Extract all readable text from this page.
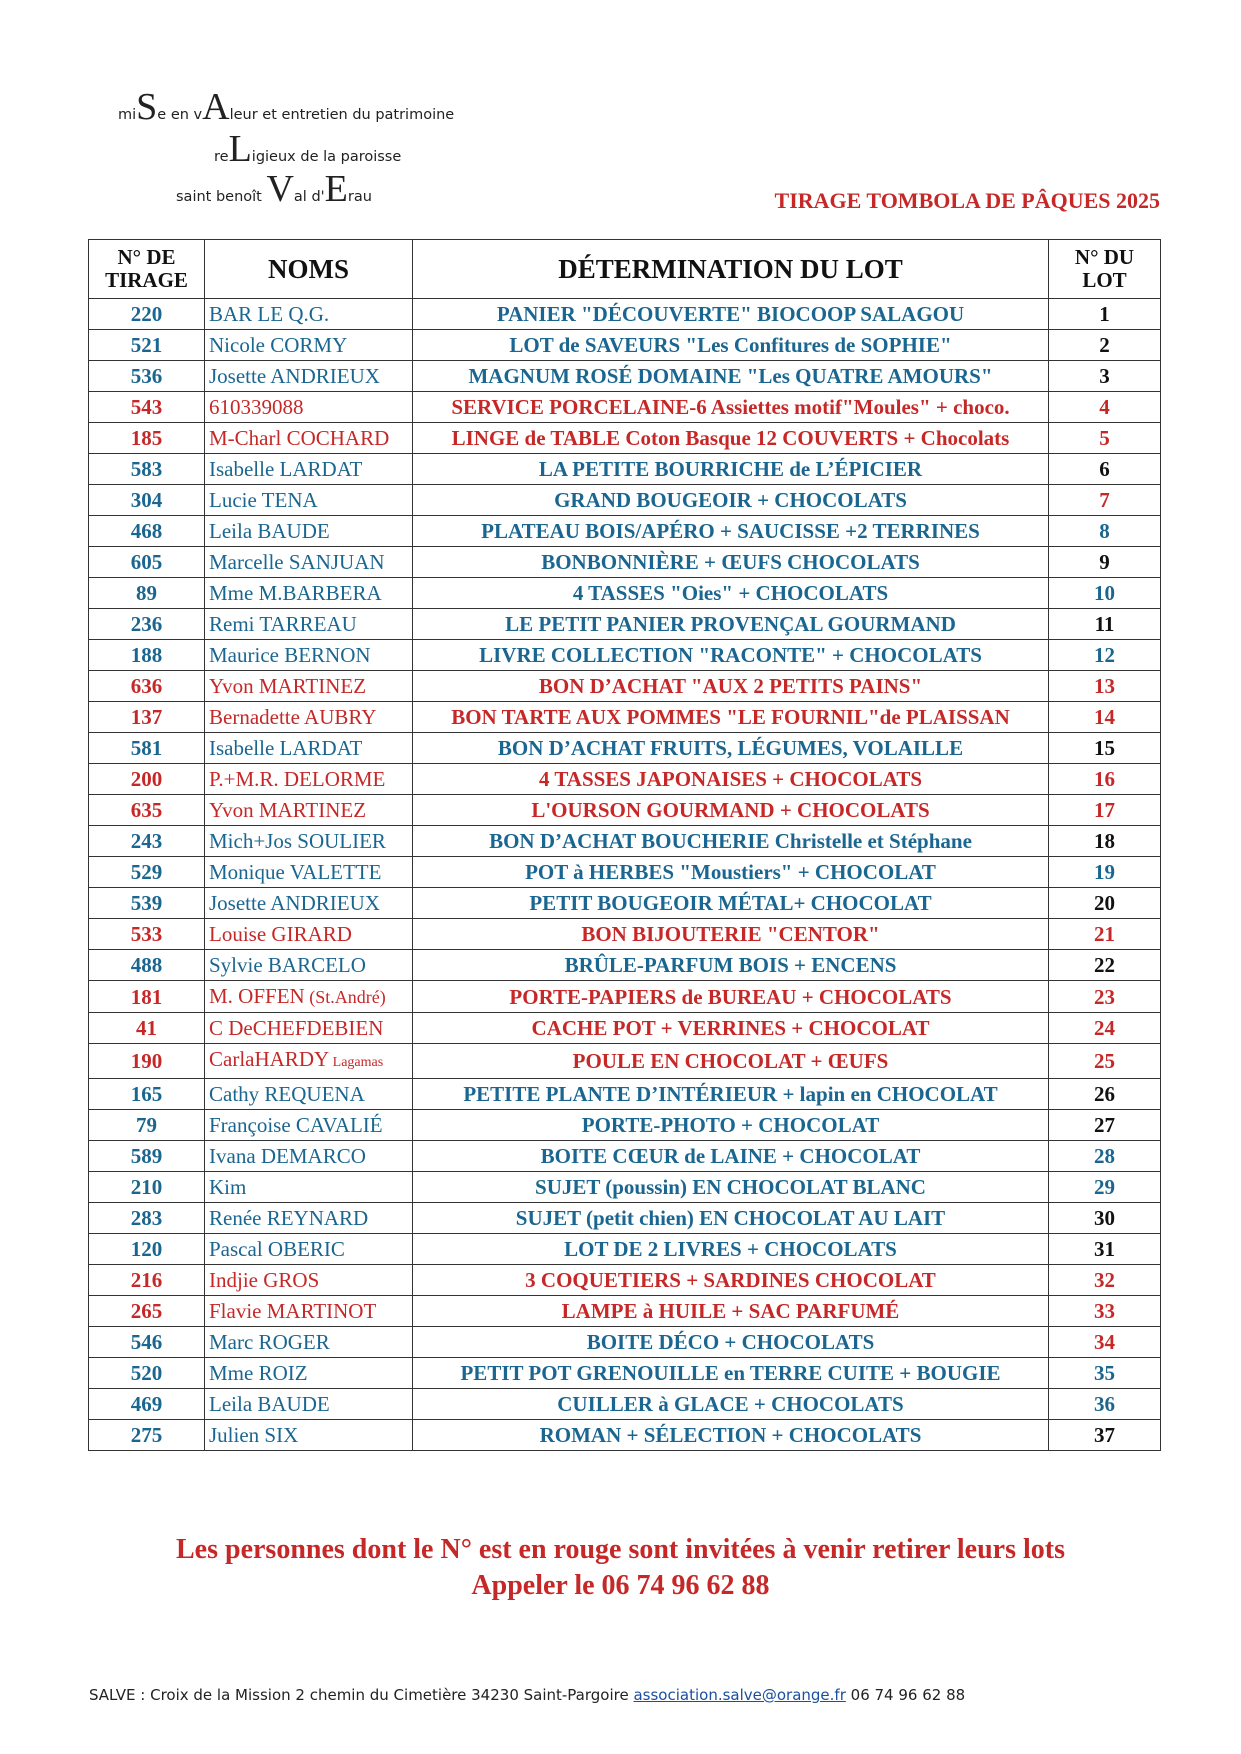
miSe en vAleur et entretien du patrimoine
reLigieux de la paroisse
saint benoît Val d'Erau	TIRAGE TOMBOLA DE PÂQUES 2025
N° DE
TIRAGE	NOMS	DÉTERMINATION DU LOT	N° DU
LOT
220	BAR LE Q.G.	PANIER "DÉCOUVERTE" BIOCOOP SALAGOU	1
521	Nicole CORMY	LOT de SAVEURS "Les Confitures de SOPHIE"	2
536	Josette ANDRIEUX	MAGNUM ROSÉ DOMAINE "Les QUATRE AMOURS"	3
543	610339088	SERVICE PORCELAINE-6 Assiettes motif"Moules" + choco.	4
185	M-Charl COCHARD	LINGE de TABLE Coton Basque 12 COUVERTS + Chocolats	5
583	Isabelle LARDAT	LA PETITE BOURRICHE de L’ÉPICIER	6
304	Lucie TENA	GRAND BOUGEOIR + CHOCOLATS	7
468	Leila BAUDE	PLATEAU BOIS/APÉRO + SAUCISSE +2 TERRINES	8
605	Marcelle SANJUAN	BONBONNIÈRE + ŒUFS CHOCOLATS	9
89	Mme M.BARBERA	4 TASSES "Oies" + CHOCOLATS	10
236	Remi TARREAU	LE PETIT PANIER PROVENÇAL GOURMAND	11
188	Maurice BERNON	LIVRE COLLECTION "RACONTE" + CHOCOLATS	12
636	Yvon MARTINEZ	BON D’ACHAT "AUX 2 PETITS PAINS"	13
137	Bernadette AUBRY	BON TARTE AUX POMMES "LE FOURNIL"de PLAISSAN	14
581	Isabelle LARDAT	BON D’ACHAT FRUITS, LÉGUMES, VOLAILLE	15
200	P.+M.R. DELORME	4 TASSES JAPONAISES + CHOCOLATS	16
635	Yvon MARTINEZ	L'OURSON GOURMAND + CHOCOLATS	17
243	Mich+Jos SOULIER	BON D’ACHAT BOUCHERIE Christelle et Stéphane	18
529	Monique VALETTE	POT à HERBES "Moustiers" + CHOCOLAT	19
539	Josette ANDRIEUX	PETIT BOUGEOIR MÉTAL+ CHOCOLAT	20
533	Louise GIRARD	BON BIJOUTERIE "CENTOR"	21
488	Sylvie BARCELO	BRÛLE-PARFUM BOIS + ENCENS	22
181	M. OFFEN (St.André)	PORTE-PAPIERS de BUREAU + CHOCOLATS	23
41	C DeCHEFDEBIEN	CACHE POT + VERRINES + CHOCOLAT	24
190	CarlaHARDY Lagamas	POULE EN CHOCOLAT + ŒUFS	25
165	Cathy REQUENA	PETITE PLANTE D’INTÉRIEUR + lapin en CHOCOLAT	26
79	Françoise CAVALIÉ	PORTE-PHOTO + CHOCOLAT	27
589	Ivana DEMARCO	BOITE CŒUR de LAINE + CHOCOLAT	28
210	Kim	SUJET (poussin) EN CHOCOLAT BLANC	29
283	Renée REYNARD	SUJET (petit chien) EN CHOCOLAT AU LAIT	30
120	Pascal OBERIC	LOT DE 2 LIVRES + CHOCOLATS	31
216	Indjie GROS	3 COQUETIERS + SARDINES CHOCOLAT	32
265	Flavie MARTINOT	LAMPE à HUILE + SAC PARFUMÉ	33
546	Marc ROGER	BOITE DÉCO + CHOCOLATS	34
520	Mme ROIZ	PETIT POT GRENOUILLE en TERRE CUITE + BOUGIE	35
469	Leila BAUDE	CUILLER à GLACE + CHOCOLATS	36
275	Julien SIX	ROMAN + SÉLECTION + CHOCOLATS	37
Les personnes dont le N° est en rouge sont invitées à venir retirer leurs lots
Appeler le 06 74 96 62 88
SALVE : Croix de la Mission 2 chemin du Cimetière 34230 Saint-Pargoire association.salve@orange.fr 06 74 96 62 88
